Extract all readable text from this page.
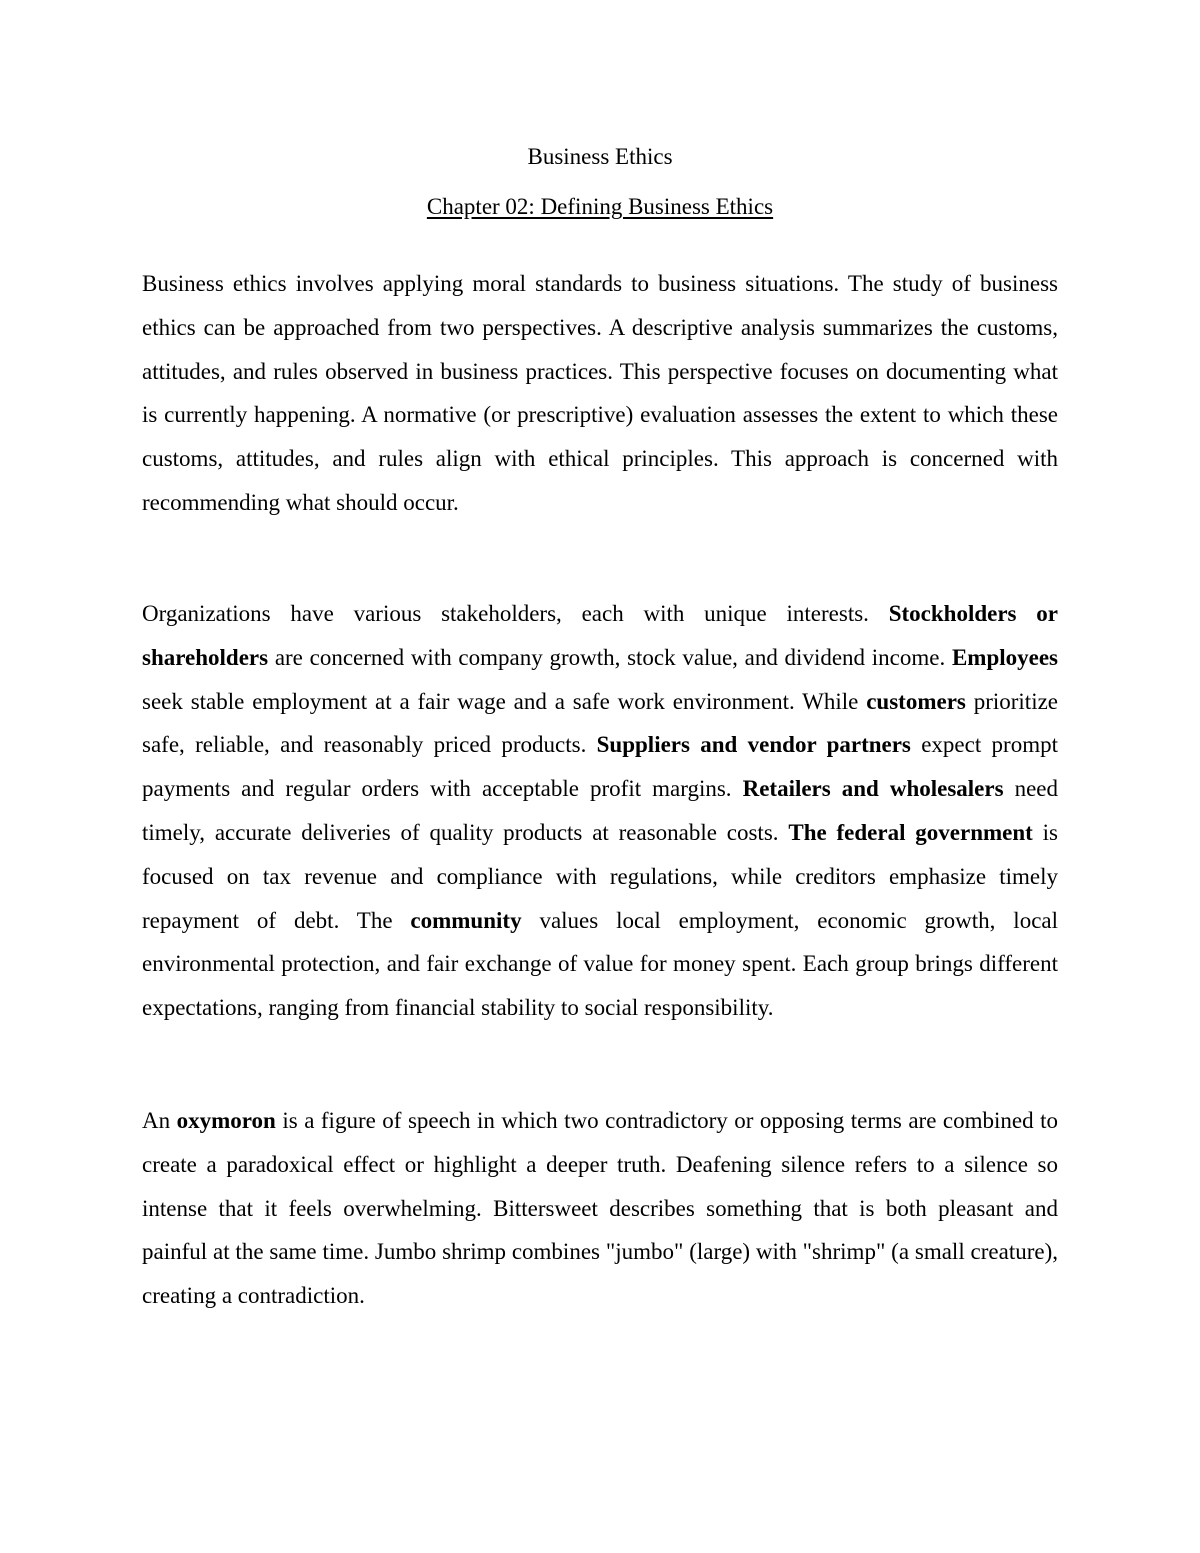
Business Ethics
Chapter 02: Defining Business Ethics

Business ethics involves applying moral standards to business situations. The study of business ethics can be approached from two perspectives. A descriptive analysis summarizes the customs, attitudes, and rules observed in business practices. This perspective focuses on documenting what is currently happening. A normative (or prescriptive) evaluation assesses the extent to which these customs, attitudes, and rules align with ethical principles. This approach is concerned with recommending what should occur.

Organizations have various stakeholders, each with unique interests. Stockholders or shareholders are concerned with company growth, stock value, and dividend income. Employees seek stable employment at a fair wage and a safe work environment. While customers prioritize safe, reliable, and reasonably priced products. Suppliers and vendor partners expect prompt payments and regular orders with acceptable profit margins. Retailers and wholesalers need timely, accurate deliveries of quality products at reasonable costs. The federal government is focused on tax revenue and compliance with regulations, while creditors emphasize timely repayment of debt. The community values local employment, economic growth, local environmental protection, and fair exchange of value for money spent. Each group brings different expectations, ranging from financial stability to social responsibility.

An oxymoron is a figure of speech in which two contradictory or opposing terms are combined to create a paradoxical effect or highlight a deeper truth. Deafening silence refers to a silence so intense that it feels overwhelming. Bittersweet describes something that is both pleasant and painful at the same time. Jumbo shrimp combines "jumbo" (large) with "shrimp" (a small creature), creating a contradiction.
